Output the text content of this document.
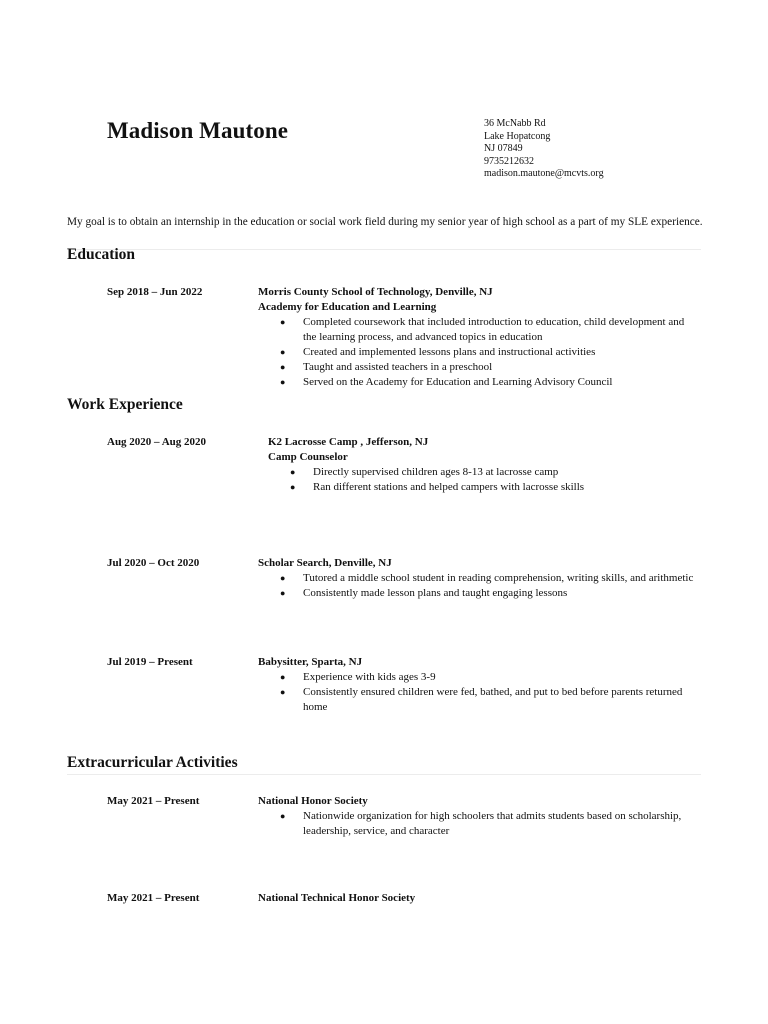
Madison Mautone	36 McNabb Rd
Lake Hopatcong
NJ 07849
9735212632
madison.mautone@mcvts.org
My goal is to obtain an internship in the education or social work field during my senior year of high school as a part of my SLE experience.
Education
Sep 2018 – Jun 2022	Morris County School of Technology, Denville, NJ
Academy for Education and Learning
● Completed coursework that included introduction to education, child development and the learning process, and advanced topics in education
● Created and implemented lessons plans and instructional activities
● Taught and assisted teachers in a preschool
● Served on the Academy for Education and Learning Advisory Council
Work Experience
Aug 2020 – Aug 2020	K2 Lacrosse Camp , Jefferson, NJ
Camp Counselor
● Directly supervised children ages 8-13 at lacrosse camp
● Ran different stations and helped campers with lacrosse skills
Jul 2020 – Oct 2020	Scholar Search, Denville, NJ
● Tutored a middle school student in reading comprehension, writing skills, and arithmetic
● Consistently made lesson plans and taught engaging lessons
Jul 2019 – Present	Babysitter, Sparta, NJ
● Experience with kids ages 3-9
● Consistently ensured children were fed, bathed, and put to bed before parents returned home
Extracurricular Activities
May 2021 – Present	National Honor Society
● Nationwide organization for high schoolers that admits students based on scholarship, leadership, service, and character
May 2021 – Present	National Technical Honor Society
